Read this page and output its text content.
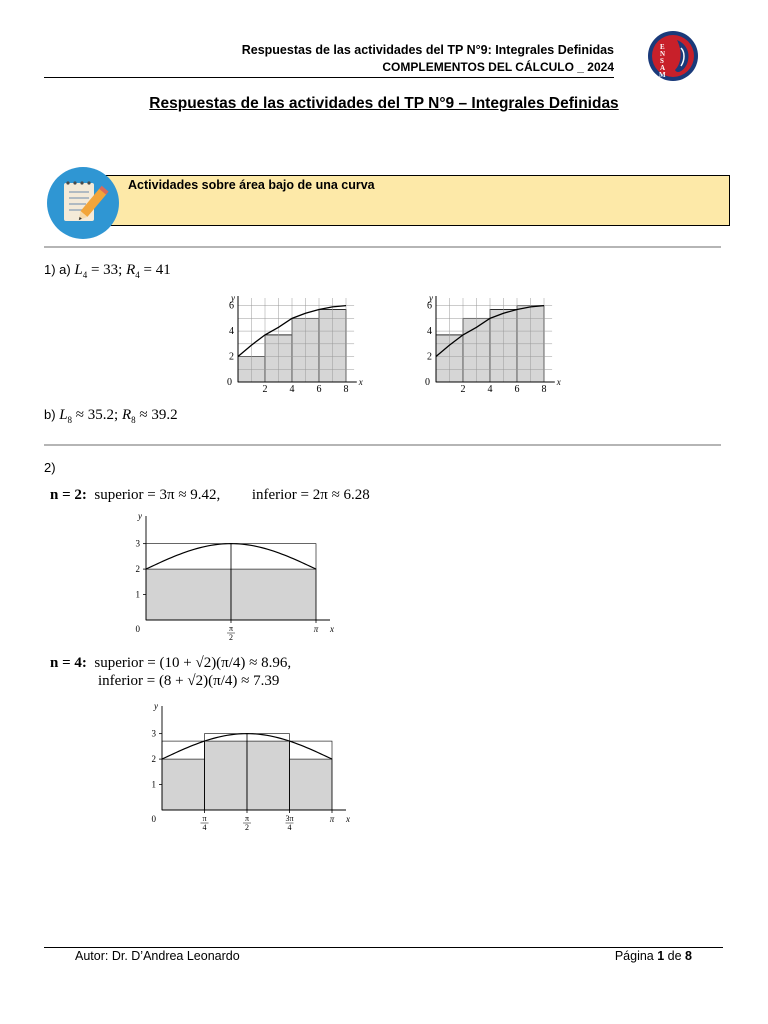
Respuestas de las actividades del TP N°9: Integrales Definidas
COMPLEMENTOS DEL CÁLCULO _ 2024
E
N
S
A
M
Respuestas de las actividades del TP N°9 – Integrales Definidas
Actividades sobre área bajo de una curva
1) a) $L_4 = 33$; $R_4 = 41$
2 4 6 8
2
4
6
0	x
y
2 4 6 8
2
4
6
0	x
y
b) $L_8 \approx 35.2$; $R_8 \approx 39.2$
2)
n = 2: superior = 3π ≈ 9.42, inferior = 2π ≈ 6.28
1
2
3
π
2
π
0	x
y
n = 4: superior = (10 + √2)(π/4) ≈ 8.96,
inferior = (8 + √2)(π/4) ≈ 7.39
1
2
3
π
4
π
2
3π
4
π
0	x
y
Autor: Dr. D’Andrea Leonardo	Página 1 de 8
